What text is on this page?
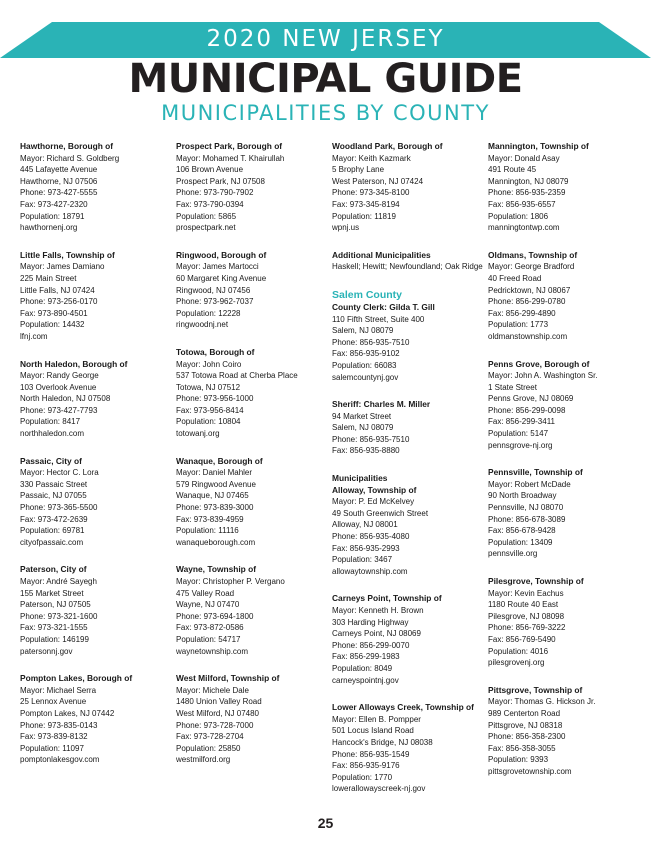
2020 NEW JERSEY
MUNICIPAL GUIDE
MUNICIPALITIES BY COUNTY
Hawthorne, Borough of
Mayor: Richard S. Goldberg
445 Lafayette Avenue
Hawthorne, NJ 07506
Phone: 973-427-5555
Fax: 973-427-2320
Population: 18791
hawthornenj.org
Little Falls, Township of
Mayor: James Damiano
225 Main Street
Little Falls, NJ 07424
Phone: 973-256-0170
Fax: 973-890-4501
Population: 14432
lfnj.com
North Haledon, Borough of
Mayor: Randy George
103 Overlook Avenue
North Haledon, NJ 07508
Phone: 973-427-7793
Population: 8417
northhaledon.com
Passaic, City of
Mayor: Hector C. Lora
330 Passaic Street
Passaic, NJ 07055
Phone: 973-365-5500
Fax: 973-472-2639
Population: 69781
cityofpassaic.com
Paterson, City of
Mayor: André Sayegh
155 Market Street
Paterson, NJ 07505
Phone: 973-321-1600
Fax: 973-321-1555
Population: 146199
patersonnj.gov
Pompton Lakes, Borough of
Mayor: Michael Serra
25 Lennox Avenue
Pompton Lakes, NJ 07442
Phone: 973-835-0143
Fax: 973-839-8132
Population: 11097
pomptonlakesgov.com
Prospect Park, Borough of
Mayor: Mohamed T. Khairullah
106 Brown Avenue
Prospect Park, NJ 07508
Phone: 973-790-7902
Fax: 973-790-0394
Population: 5865
prospectpark.net
Ringwood, Borough of
Mayor: James Martocci
60 Margaret King Avenue
Ringwood, NJ 07456
Phone: 973-962-7037
Population: 12228
ringwoodnj.net
Totowa, Borough of
Mayor: John Coiro
537 Totowa Road at Cherba Place
Totowa, NJ 07512
Phone: 973-956-1000
Fax: 973-956-8414
Population: 10804
totowanj.org
Wanaque, Borough of
Mayor: Daniel Mahler
579 Ringwood Avenue
Wanaque, NJ 07465
Phone: 973-839-3000
Fax: 973-839-4959
Population: 11116
wanaqueborough.com
Wayne, Township of
Mayor: Christopher P. Vergano
475 Valley Road
Wayne, NJ 07470
Phone: 973-694-1800
Fax: 973-872-0586
Population: 54717
waynetownship.com
West Milford, Township of
Mayor: Michele Dale
1480 Union Valley Road
West Milford, NJ 07480
Phone: 973-728-7000
Fax: 973-728-2704
Population: 25850
westmilford.org
Woodland Park, Borough of
Mayor: Keith Kazmark
5 Brophy Lane
West Paterson, NJ 07424
Phone: 973-345-8100
Fax: 973-345-8194
Population: 11819
wpnj.us
Additional Municipalities
Haskell; Hewitt; Newfoundland; Oak Ridge
Salem County
County Clerk: Gilda T. Gill
110 Fifth Street, Suite 400
Salem, NJ 08079
Phone: 856-935-7510
Fax: 856-935-9102
Population: 66083
salemcountynj.gov
Sheriff: Charles M. Miller
94 Market Street
Salem, NJ 08079
Phone: 856-935-7510
Fax: 856-935-8880
Municipalities
Alloway, Township of
Mayor: P. Ed McKelvey
49 South Greenwich Street
Alloway, NJ 08001
Phone: 856-935-4080
Fax: 856-935-2993
Population: 3467
allowaytownship.com
Carneys Point, Township of
Mayor: Kenneth H. Brown
303 Harding Highway
Carneys Point, NJ 08069
Phone: 856-299-0070
Fax: 856-299-1983
Population: 8049
carneyspointnj.gov
Lower Alloways Creek, Township of
Mayor: Ellen B. Pompper
501 Locus Island Road
Hancock's Bridge, NJ 08038
Phone: 856-935-1549
Fax: 856-935-9176
Population: 1770
lowerallowayscreek-nj.gov
Mannington, Township of
Mayor: Donald Asay
491 Route 45
Mannington, NJ 08079
Phone: 856-935-2359
Fax: 856-935-6557
Population: 1806
manningtontwp.com
Oldmans, Township of
Mayor: George Bradford
40 Freed Road
Pedricktown, NJ 08067
Phone: 856-299-0780
Fax: 856-299-4890
Population: 1773
oldmanstownship.com
Penns Grove, Borough of
Mayor: John A. Washington Sr.
1 State Street
Penns Grove, NJ 08069
Phone: 856-299-0098
Fax: 856-299-3411
Population: 5147
pennsgrove-nj.org
Pennsville, Township of
Mayor: Robert McDade
90 North Broadway
Pennsville, NJ 08070
Phone: 856-678-3089
Fax: 856-678-9428
Population: 13409
pennsville.org
Pilesgrove, Township of
Mayor: Kevin Eachus
1180 Route 40 East
Pilesgrove, NJ 08098
Phone: 856-769-3222
Fax: 856-769-5490
Population: 4016
pilesgrovenj.org
Pittsgrove, Township of
Mayor: Thomas G. Hickson Jr.
989 Centerton Road
Pittsgrove, NJ 08318
Phone: 856-358-2300
Fax: 856-358-3055
Population: 9393
pittsgrovetownship.com
25
